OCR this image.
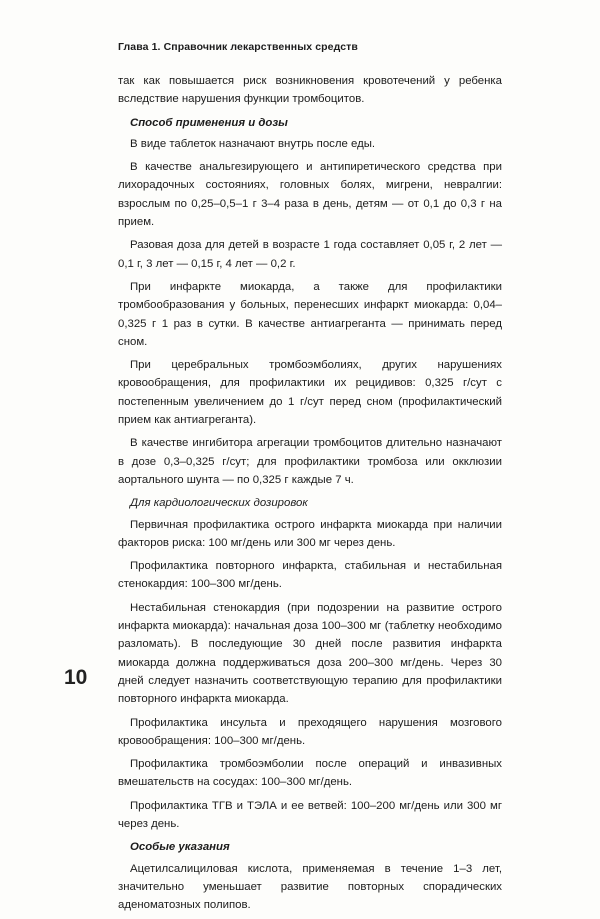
Глава 1. Справочник лекарственных средств

так как повышается риск возникновения кровотечений у ребенка вследствие нарушения функции тромбоцитов.

Способ применения и дозы

В виде таблеток назначают внутрь после еды.

В качестве анальгезирующего и антипиретического средства при лихорадочных состояниях, головных болях, мигрени, невралгии: взрослым по 0,25–0,5–1 г 3–4 раза в день, детям — от 0,1 до 0,3 г на прием.

Разовая доза для детей в возрасте 1 года составляет 0,05 г, 2 лет — 0,1 г, 3 лет — 0,15 г, 4 лет — 0,2 г.

При инфаркте миокарда, а также для профилактики тромбообразования у больных, перенесших инфаркт миокарда: 0,04–0,325 г 1 раз в сутки. В качестве антиагреганта — принимать перед сном.

При церебральных тромбоэмболиях, других нарушениях кровообращения, для профилактики их рецидивов: 0,325 г/сут с постепенным увеличением до 1 г/сут перед сном (профилактический прием как антиагреганта).

В качестве ингибитора агрегации тромбоцитов длительно назначают в дозе 0,3–0,325 г/сут; для профилактики тромбоза или окклюзии аортального шунта — по 0,325 г каждые 7 ч.

Для кардиологических дозировок

Первичная профилактика острого инфаркта миокарда при наличии факторов риска: 100 мг/день или 300 мг через день.

Профилактика повторного инфаркта, стабильная и нестабильная стенокардия: 100–300 мг/день.

Нестабильная стенокардия (при подозрении на развитие острого инфаркта миокарда): начальная доза 100–300 мг (таблетку необходимо разломать). В последующие 30 дней после развития инфаркта миокарда должна поддерживаться доза 200–300 мг/день. Через 30 дней следует назначить соответствующую терапию для профилактики повторного инфаркта миокарда.

Профилактика инсульта и преходящего нарушения мозгового кровообращения: 100–300 мг/день.

Профилактика тромбоэмболии после операций и инвазивных вмешательств на сосудах: 100–300 мг/день.

Профилактика ТГВ и ТЭЛА и ее ветвей: 100–200 мг/день или 300 мг через день.

Особые указания

Ацетилсалициловая кислота, применяемая в течение 1–3 лет, значительно уменьшает развитие повторных спорадических аденоматозных полипов.

10
